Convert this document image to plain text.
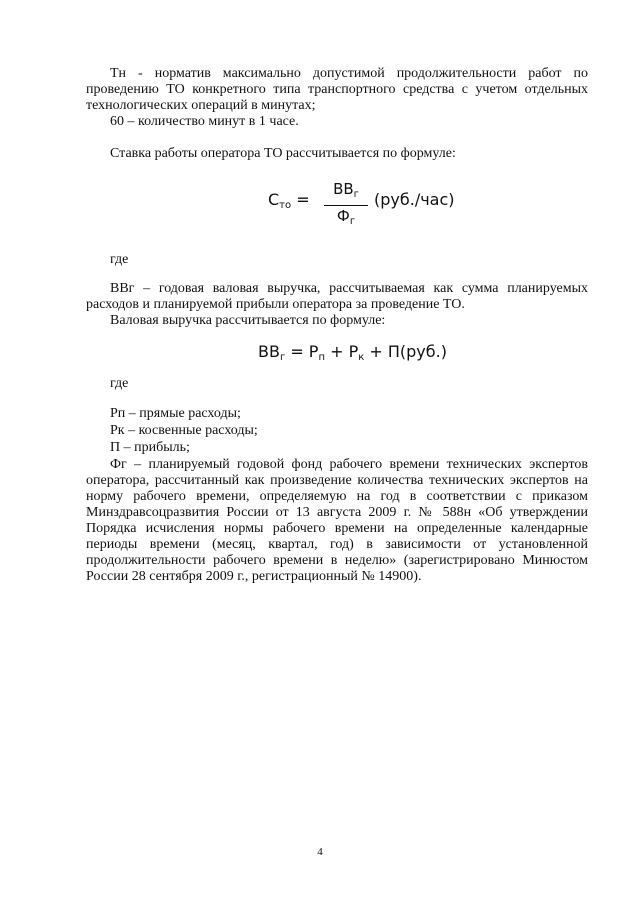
Тн - норматив максимально допустимой продолжительности работ по
проведению ТО конкретного типа транспортного средства с учетом отдельных
технологических операций в минутах;
60 – количество минут в 1 часе.
Ставка работы оператора ТО рассчитывается по формуле:
$С_{то}$ =
$ВВ_г$
$Ф_г$
(руб./час)
где
ВВг – годовая валовая выручка, рассчитываемая как сумма планируемых
расходов и планируемой прибыли оператора за проведение ТО.
Валовая выручка рассчитывается по формуле:
$ВВ_г = Р_п + Р_к + П(руб.)$
где
Рп – прямые расходы;
Рк – косвенные расходы;
П – прибыль;
Фг – планируемый годовой фонд рабочего времени технических экспертов
оператора, рассчитанный как произведение количества технических экспертов на
норму рабочего времени, определяемую на год в соответствии с приказом
Минздравсоцразвития России от 13 августа 2009 г. № 588н «Об утверждении
Порядка исчисления нормы рабочего времени на определенные календарные
периоды времени (месяц, квартал, год) в зависимости от установленной
продолжительности рабочего времени в неделю» (зарегистрировано Минюстом
России 28 сентября 2009 г., регистрационный № 14900).
4
